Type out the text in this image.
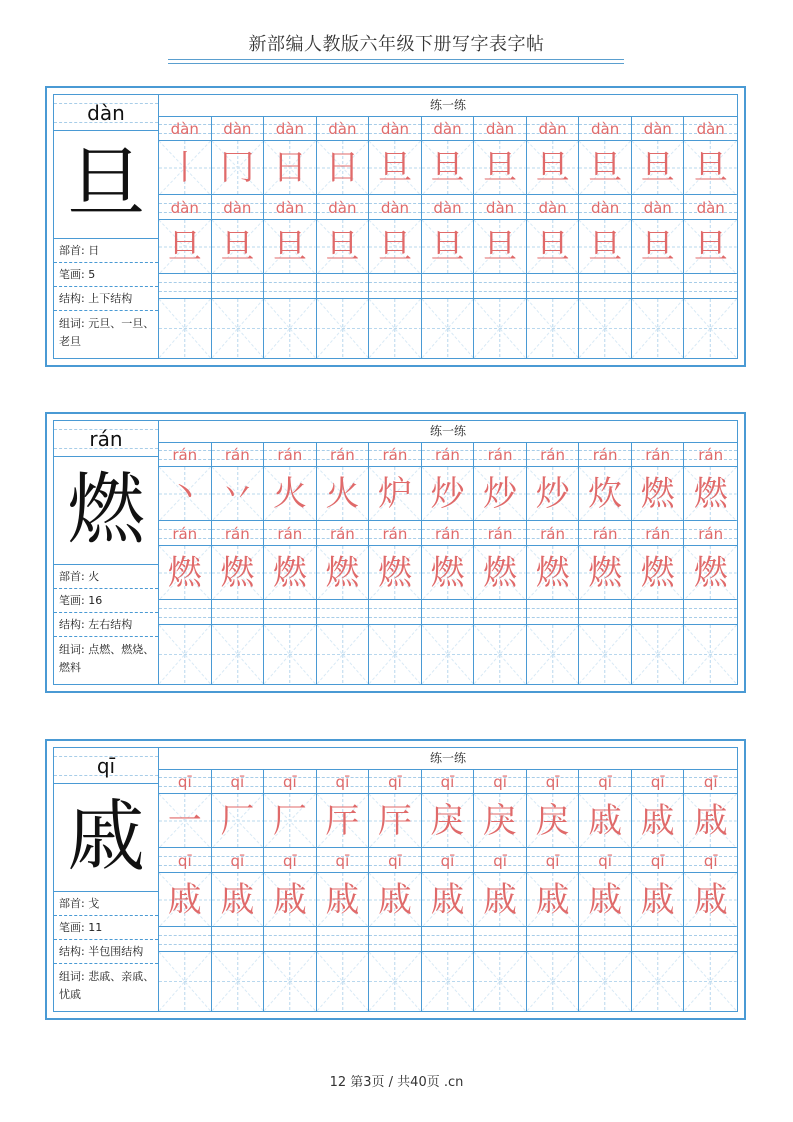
新部编人教版六年级下册写字表字帖
dàn
旦
部首: 日
笔画: 5
结构: 上下结构
组词: 元旦、一旦、老旦
练一练
dàn	dàn	dàn	dàn	dàn	dàn	dàn	dàn	dàn	dàn	dàn
丨 冂 日 日 旦 旦 旦 旦 旦 旦 旦
dàn	dàn	dàn	dàn	dàn	dàn	dàn	dàn	dàn	dàn	dàn
旦 旦 旦 旦 旦 旦 旦 旦 旦 旦 旦
rán
燃
部首: 火
笔画: 16
结构: 左右结构
组词: 点燃、燃烧、燃料
练一练
rán	rán	rán	rán	rán	rán	rán	rán	rán	rán	rán
丶 丷 火 火 炉 炒 炒 炒 炊 燃 燃
rán	rán	rán	rán	rán	rán	rán	rán	rán	rán	rán
燃 燃 燃 燃 燃 燃 燃 燃 燃 燃 燃
qī
戚
部首: 戈
笔画: 11
结构: 半包围结构
组词: 悲戚、亲戚、忧戚
练一练
qī	qī	qī	qī	qī	qī	qī	qī	qī	qī	qī
一 厂 厂 厈 厈 戾 戾 戾 戚 戚 戚
qī	qī	qī	qī	qī	qī	qī	qī	qī	qī	qī
戚 戚 戚 戚 戚 戚 戚 戚 戚 戚 戚
12 第3页 / 共40页 .cn
